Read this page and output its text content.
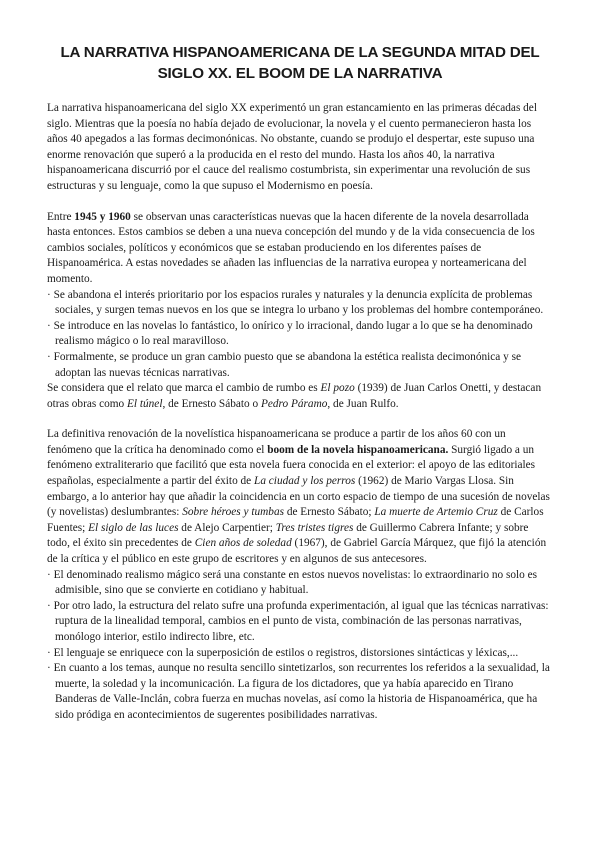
LA NARRATIVA HISPANOAMERICANA DE LA SEGUNDA MITAD DEL SIGLO XX. EL BOOM DE LA NARRATIVA

La narrativa hispanoamericana del siglo XX experimentó un gran estancamiento en las primeras décadas del siglo. Mientras que la poesía no había dejado de evolucionar, la novela y el cuento permanecieron hasta los años 40 apegados a las formas decimonónicas. No obstante, cuando se produjo el despertar, este supuso una enorme renovación que superó a la producida en el resto del mundo. Hasta los años 40, la narrativa hispanoamericana discurrió por el cauce del realismo costumbrista, sin experimentar una revolución de sus estructuras y su lenguaje, como la que supuso el Modernismo en poesía.

Entre 1945 y 1960 se observan unas características nuevas que la hacen diferente de la novela desarrollada hasta entonces. Estos cambios se deben a una nueva concepción del mundo y de la vida consecuencia de los cambios sociales, políticos y económicos que se estaban produciendo en los diferentes países de Hispanoamérica. A estas novedades se añaden las influencias de la narrativa europea y norteamericana del momento.

· Se abandona el interés prioritario por los espacios rurales y naturales y la denuncia explícita de problemas sociales, y surgen temas nuevos en los que se integra lo urbano y los problemas del hombre contemporáneo.

· Se introduce en las novelas lo fantástico, lo onírico y lo irracional, dando lugar a lo que se ha denominado realismo mágico o lo real maravilloso.

· Formalmente, se produce un gran cambio puesto que se abandona la estética realista decimonónica y se adoptan las nuevas técnicas narrativas.

Se considera que el relato que marca el cambio de rumbo es El pozo (1939) de Juan Carlos Onetti, y destacan otras obras como El túnel, de Ernesto Sábato o Pedro Páramo, de Juan Rulfo.

La definitiva renovación de la novelística hispanoamericana se produce a partir de los años 60 con un fenómeno que la crítica ha denominado como el boom de la novela hispanoamericana. Surgió ligado a un fenómeno extraliterario que facilitó que esta novela fuera conocida en el exterior: el apoyo de las editoriales españolas, especialmente a partir del éxito de La ciudad y los perros (1962) de Mario Vargas Llosa. Sin embargo, a lo anterior hay que añadir la coincidencia en un corto espacio de tiempo de una sucesión de novelas (y novelistas) deslumbrantes: Sobre héroes y tumbas de Ernesto Sábato; La muerte de Artemio Cruz de Carlos Fuentes; El siglo de las luces de Alejo Carpentier; Tres tristes tigres de Guillermo Cabrera Infante; y sobre todo, el éxito sin precedentes de Cien años de soledad (1967), de Gabriel García Márquez, que fijó la atención de la crítica y el público en este grupo de escritores y en algunos de sus antecesores.

· El denominado realismo mágico será una constante en estos nuevos novelistas: lo extraordinario no solo es admisible, sino que se convierte en cotidiano y habitual.

· Por otro lado, la estructura del relato sufre una profunda experimentación, al igual que las técnicas narrativas: ruptura de la linealidad temporal, cambios en el punto de vista, combinación de las personas narrativas, monólogo interior, estilo indirecto libre, etc.

· El lenguaje se enriquece con la superposición de estilos o registros, distorsiones sintácticas y léxicas,...

· En cuanto a los temas, aunque no resulta sencillo sintetizarlos, son recurrentes los referidos a la sexualidad, la muerte, la soledad y la incomunicación. La figura de los dictadores, que ya había aparecido en Tirano Banderas de Valle-Inclán, cobra fuerza en muchas novelas, así como la historia de Hispanoamérica, que ha sido pródiga en acontecimientos de sugerentes posibilidades narrativas.
